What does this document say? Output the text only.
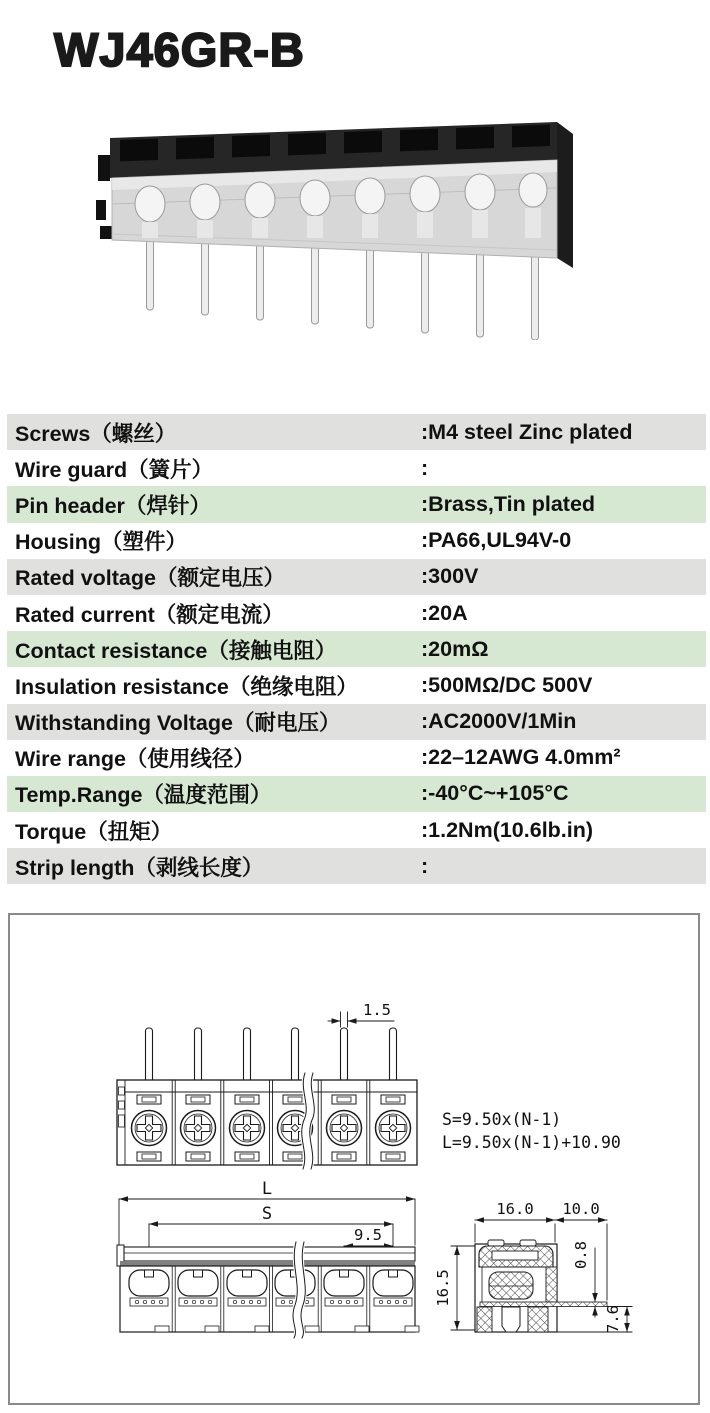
WJ46GR-B
Screws（螺丝）	:M4 steel Zinc plated
Wire guard（簧片）	:
Pin header（焊针）	:Brass,Tin plated
Housing（塑件）	:PA66,UL94V-0
Rated voltage（额定电压）	:300V
Rated current（额定电流）	:20A
Contact resistance（接触电阻）	:20mΩ
Insulation resistance（绝缘电阻）	:500MΩ/DC 500V
Withstanding Voltage（耐电压）	:AC2000V/1Min
Wire range（使用线径）	:22–12AWG 4.0mm²
Temp.Range（温度范围）	:-40°C~+105°C
Torque（扭矩）	:1.2Nm(10.6lb.in)
Strip length（剥线长度）	:
1.5
S=9.50x(N-1)
L=9.50x(N-1)+10.90
L
S
9.5
16.0 10.0
16.5
0.8
7.6
